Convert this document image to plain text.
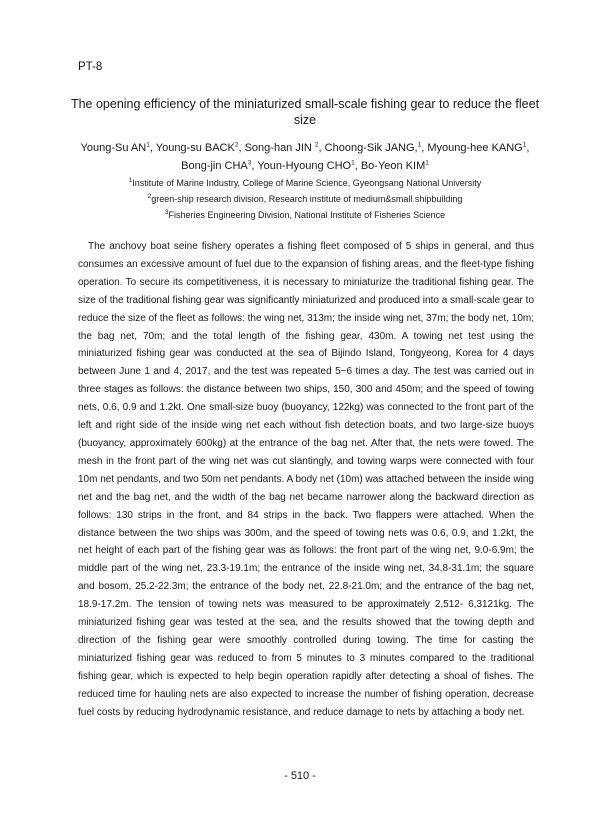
PT-8
The opening efficiency of the miniaturized small-scale fishing gear to reduce the fleet size
Young-Su $AN^1$, Young-su BACK$^2$, Song-han JIN $^2$, Choong-Sik JANG,$^1$, Myoung-hee KANG$^1$,
Bong-jin CHA$^3$, Youn-Hyoung CHO$^1$, Bo-Yeon KIM$^1$
$^1$Institute of Marine Industry, College of Marine Science, Gyeongsang National University
$^2$green-ship research division, Research institute of medium&small shipbuilding
$^3$Fisheries Engineering Division, National Institute of Fisheries Science

The anchovy boat seine fishery operates a fishing fleet composed of 5 ships in general, and thus consumes an excessive amount of fuel due to the expansion of fishing areas, and the fleet-type fishing operation. To secure its competitiveness, it is necessary to miniaturize the traditional fishing gear. The size of the traditional fishing gear was significantly miniaturized and produced into a small-scale gear to reduce the size of the fleet as follows: the wing net, 313m; the inside wing net, 37m; the body net, 10m; the bag net, 70m; and the total length of the fishing gear, 430m. A towing net test using the miniaturized fishing gear was conducted at the sea of Bijindo Island, Tongyeong, Korea for 4 days between June 1 and 4, 2017, and the test was repeated 5~6 times a day. The test was carried out in three stages as follows: the distance between two ships, 150, 300 and 450m; and the speed of towing nets, 0.6, 0.9 and 1.2kt. One small-size buoy (buoyancy, 122kg) was connected to the front part of the left and right side of the inside wing net each without fish detection boats, and two large-size buoys (buoyancy, approximately 600kg) at the entrance of the bag net. After that, the nets were towed. The mesh in the front part of the wing net was cut slantingly, and towing warps were connected with four 10m net pendants, and two 50m net pendants. A body net (10m) was attached between the inside wing net and the bag net, and the width of the bag net became narrower along the backward direction as follows: 130 strips in the front, and 84 strips in the back. Two flappers were attached. When the distance between the two ships was 300m, and the speed of towing nets was 0.6, 0.9, and 1.2kt, the net height of each part of the fishing gear was as follows: the front part of the wing net, 9.0-6.9m; the middle part of the wing net, 23.3-19.1m; the entrance of the inside wing net, 34.8-31.1m; the square and bosom, 25.2-22.3m; the entrance of the body net, 22.8-21.0m; and the entrance of the bag net, 18.9-17.2m. The tension of towing nets was measured to be approximately 2,512- 6,3121kg. The miniaturized fishing gear was tested at the sea, and the results showed that the towing depth and direction of the fishing gear were smoothly controlled during towing. The time for casting the miniaturized fishing gear was reduced to from 5 minutes to 3 minutes compared to the traditional fishing gear, which is expected to help begin operation rapidly after detecting a shoal of fishes. The reduced time for hauling nets are also expected to increase the number of fishing operation, decrease fuel costs by reducing hydrodynamic resistance, and reduce damage to nets by attaching a body net.

- 510 -
